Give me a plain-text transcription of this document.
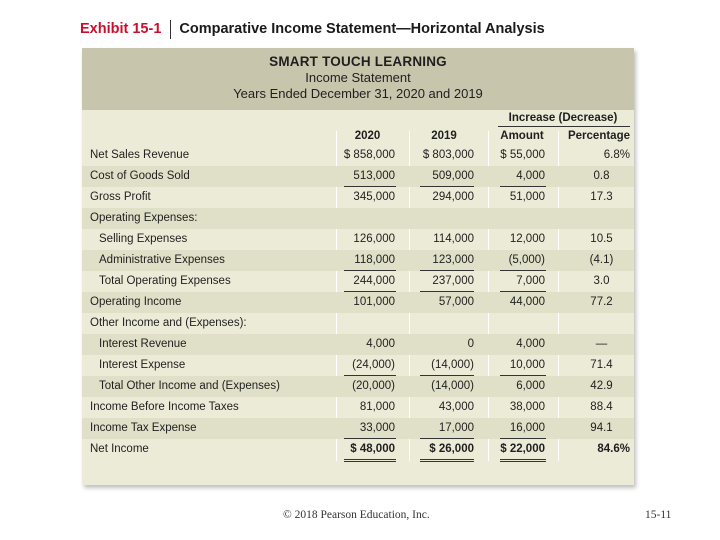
Exhibit 15-1 Comparative Income Statement—Horizontal Analysis
SMART TOUCH LEARNING
Income Statement
Years Ended December 31, 2020 and 2019
Increase (Decrease)
2020	2019	Amount	Percentage
Net Sales Revenue	$ 858,000	$ 803,000	$ 55,000	6.8%
Cost of Goods Sold	513,000	509,000	4,000	0.8
Gross Profit	345,000	294,000	51,000	17.3
Operating Expenses:
Selling Expenses	126,000	114,000	12,000	10.5
Administrative Expenses	118,000	123,000	(5,000)	(4.1)
Total Operating Expenses	244,000	237,000	7,000	3.0
Operating Income	101,000	57,000	44,000	77.2
Other Income and (Expenses):
Interest Revenue	4,000	0	4,000	—
Interest Expense	(24,000)	(14,000)	10,000	71.4
Total Other Income and (Expenses)	(20,000)	(14,000)	6,000	42.9
Income Before Income Taxes	81,000	43,000	38,000	88.4
Income Tax Expense	33,000	17,000	16,000	94.1
Net Income	$ 48,000	$ 26,000	$ 22,000	84.6%
© 2018 Pearson Education, Inc.	15-11
